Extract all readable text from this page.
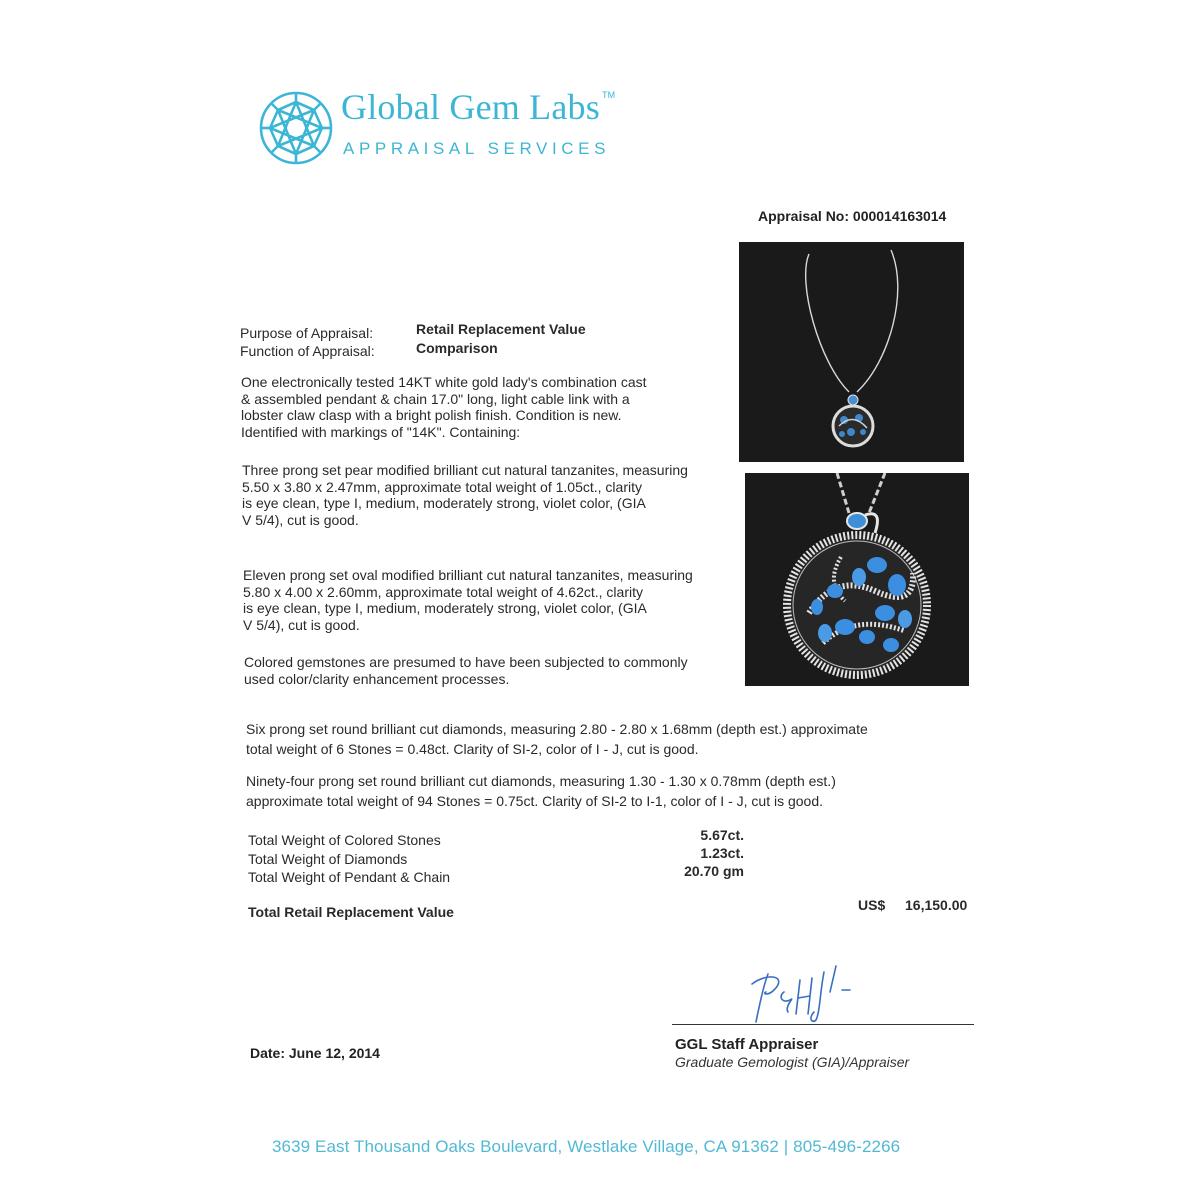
Global Gem Labs ™
APPRAISAL SERVICES
Appraisal No: 000014163014
Purpose of Appraisal:	Retail Replacement Value
Function of Appraisal:	Comparison
One electronically tested 14KT white gold lady's combination cast
& assembled pendant & chain 17.0" long, light cable link with a
lobster claw clasp with a bright polish finish. Condition is new.
Identified with markings of "14K". Containing:
Three prong set pear modified brilliant cut natural tanzanites, measuring
5.50 x 3.80 x 2.47mm, approximate total weight of 1.05ct., clarity
is eye clean, type I, medium, moderately strong, violet color, (GIA
V 5/4), cut is good.
Eleven prong set oval modified brilliant cut natural tanzanites, measuring
5.80 x 4.00 x 2.60mm, approximate total weight of 4.62ct., clarity
is eye clean, type I, medium, moderately strong, violet color, (GIA
V 5/4), cut is good.
Colored gemstones are presumed to have been subjected to commonly
used color/clarity enhancement processes.
Six prong set round brilliant cut diamonds, measuring 2.80 - 2.80 x 1.68mm (depth est.) approximate
total weight of 6 Stones = 0.48ct. Clarity of SI-2, color of I - J, cut is good.
Ninety-four prong set round brilliant cut diamonds, measuring 1.30 - 1.30 x 0.78mm (depth est.)
approximate total weight of 94 Stones = 0.75ct. Clarity of SI-2 to I-1, color of I - J, cut is good.
Total Weight of Colored Stones	5.67ct.
Total Weight of Diamonds	1.23ct.
Total Weight of Pendant & Chain	20.70 gm
Total Retail Replacement Value	US$ 16,150.00
GGL Staff Appraiser
Graduate Gemologist (GIA)/Appraiser
Date: June 12, 2014
3639 East Thousand Oaks Boulevard, Westlake Village, CA 91362 | 805-496-2266
